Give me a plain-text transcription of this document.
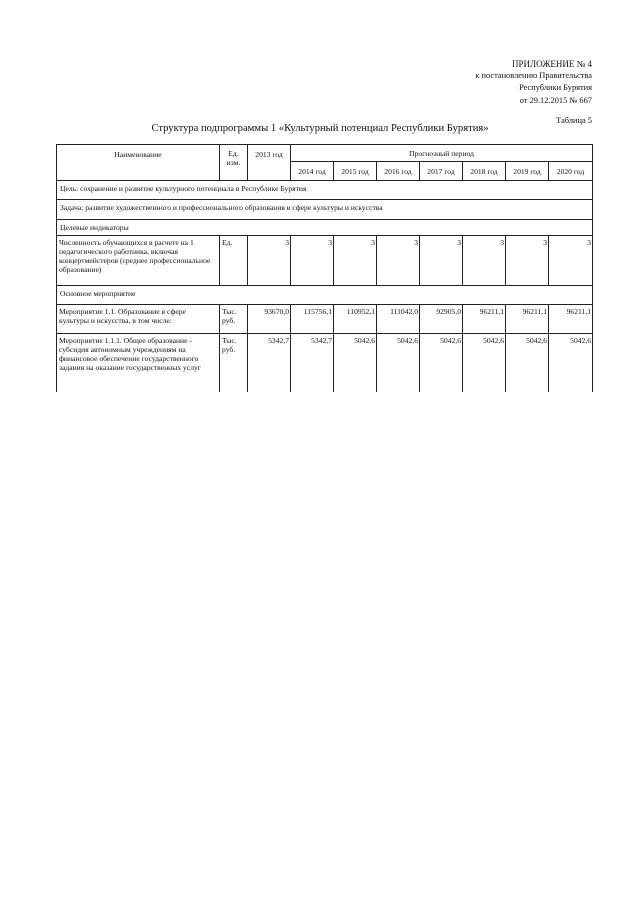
ПРИЛОЖЕНИЕ № 4
к постановлению Правительства
Республики Бурятия
от 29.12.2015 № 667
Таблица 5
Структура подпрограммы 1 «Культурный потенциал Республики Бурятия»
Наименование	Ед. изм.	2013 год	Прогнозный период						
			2014 год	2015 год	2016 год	2017 год	2018 год	2019 год	2020 год
Цель: сохранение и развитие культурного потенциала в Республике Бурятия									
Задача: развитие художественного и профессионального образования в сфере культуры и искусства									
Целевые индикаторы									
Численность обучающихся в расчете на 1 педагогического работника, включая концертмейстеров (среднее профессиональное образование)	Ед.	3	3	3	3	3	3	3	3
Основное мероприятие									
Мероприятие 1.1. Образование в сфере культуры и искусства, в том числе:	Тыс. руб.	93670,0	115756,1	110952,1	111042,0	92905,0	96211,1	96211,1	96211,1
Мероприятие 1.1.1. Общее образование - субсидия автономным учреждениям на финансовое обеспечение государственного задания на оказание государственных услуг	Тыс. руб.	5342,7	5342,7	5042,6	5042,6	5042,6	5042,6	5042,6	5042,6
